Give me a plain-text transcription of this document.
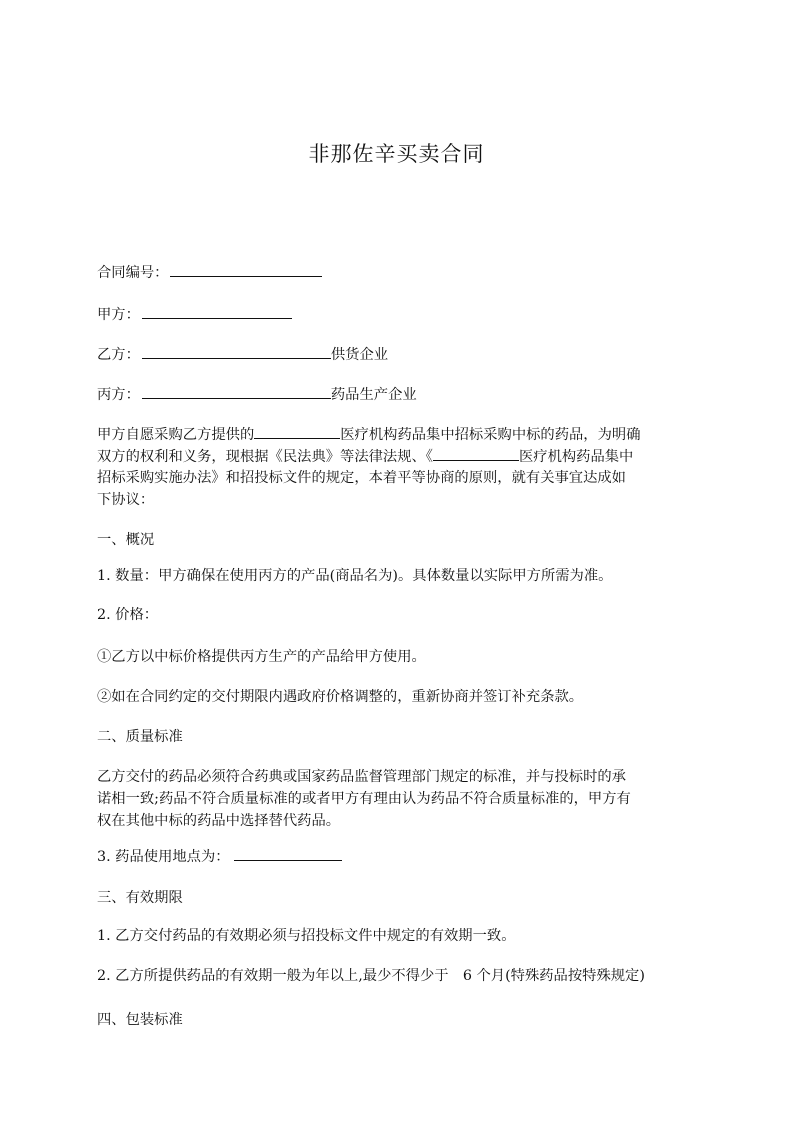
非那佐辛买卖合同
合同编号：
甲方：
乙方：	供货企业
丙方：	药品生产企业
甲方自愿采购乙方提供的	医疗机构药品集中招标采购中标的药品，为明确
双方的权利和义务，现根据《民法典》等法律法规、《	医疗机构药品集中
招标采购实施办法》和招投标文件的规定，本着平等协商的原则，就有关事宜达成如
下协议：
一、概况
1. 数量：甲方确保在使用丙方的产品(商品名为)。具体数量以实际甲方所需为准。
2. 价格：
①乙方以中标价格提供丙方生产的产品给甲方使用。
②如在合同约定的交付期限内遇政府价格调整的，重新协商并签订补充条款。
二、质量标准
乙方交付的药品必须符合药典或国家药品监督管理部门规定的标准，并与投标时的承
诺相一致;药品不符合质量标准的或者甲方有理由认为药品不符合质量标准的，甲方有
权在其他中标的药品中选择替代药品。
3. 药品使用地点为：
三、有效期限
1. 乙方交付药品的有效期必须与招投标文件中规定的有效期一致。
2. 乙方所提供药品的有效期一般为年以上,最少不得少于　6 个月(特殊药品按特殊规定)
四、包装标准
